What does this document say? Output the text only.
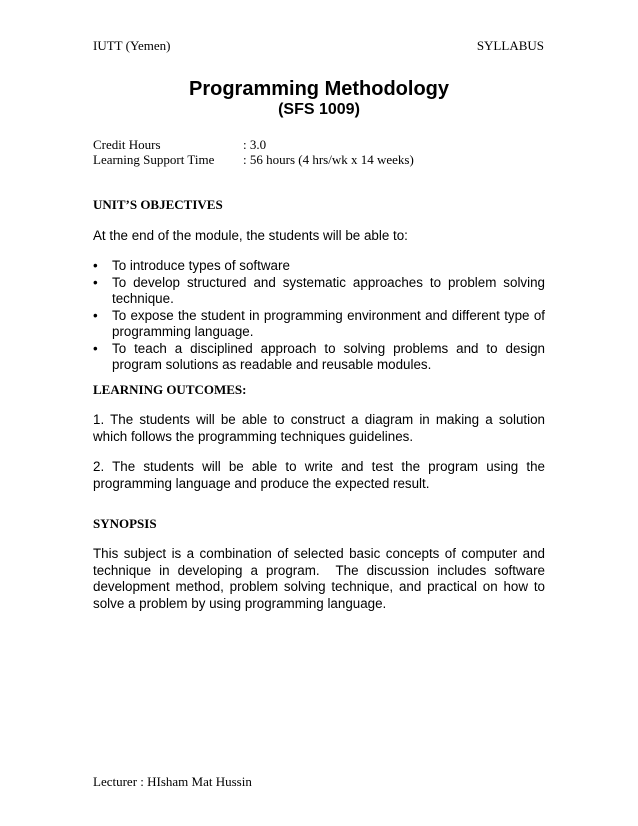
IUTT (Yemen)	SYLLABUS
Programming Methodology
(SFS 1009)
Credit Hours	: 3.0
Learning Support Time : 56 hours (4 hrs/wk x 14 weeks)
UNIT’S OBJECTIVES

At the end of the module, the students will be able to:

• To introduce types of software
• To develop structured and systematic approaches to problem solving technique.
• To expose the student in programming environment and different type of programming language.
• To teach a disciplined approach to solving problems and to design program solutions as readable and reusable modules.
LEARNING OUTCOMES:

1. The students will be able to construct a diagram in making a solution which follows the programming techniques guidelines.

2. The students will be able to write and test the program using the programming language and produce the expected result.

SYNOPSIS

This subject is a combination of selected basic concepts of computer and technique in developing a program.  The discussion includes software development method, problem solving technique, and practical on how to solve a problem by using programming language.

Lecturer : HIsham Mat Hussin
